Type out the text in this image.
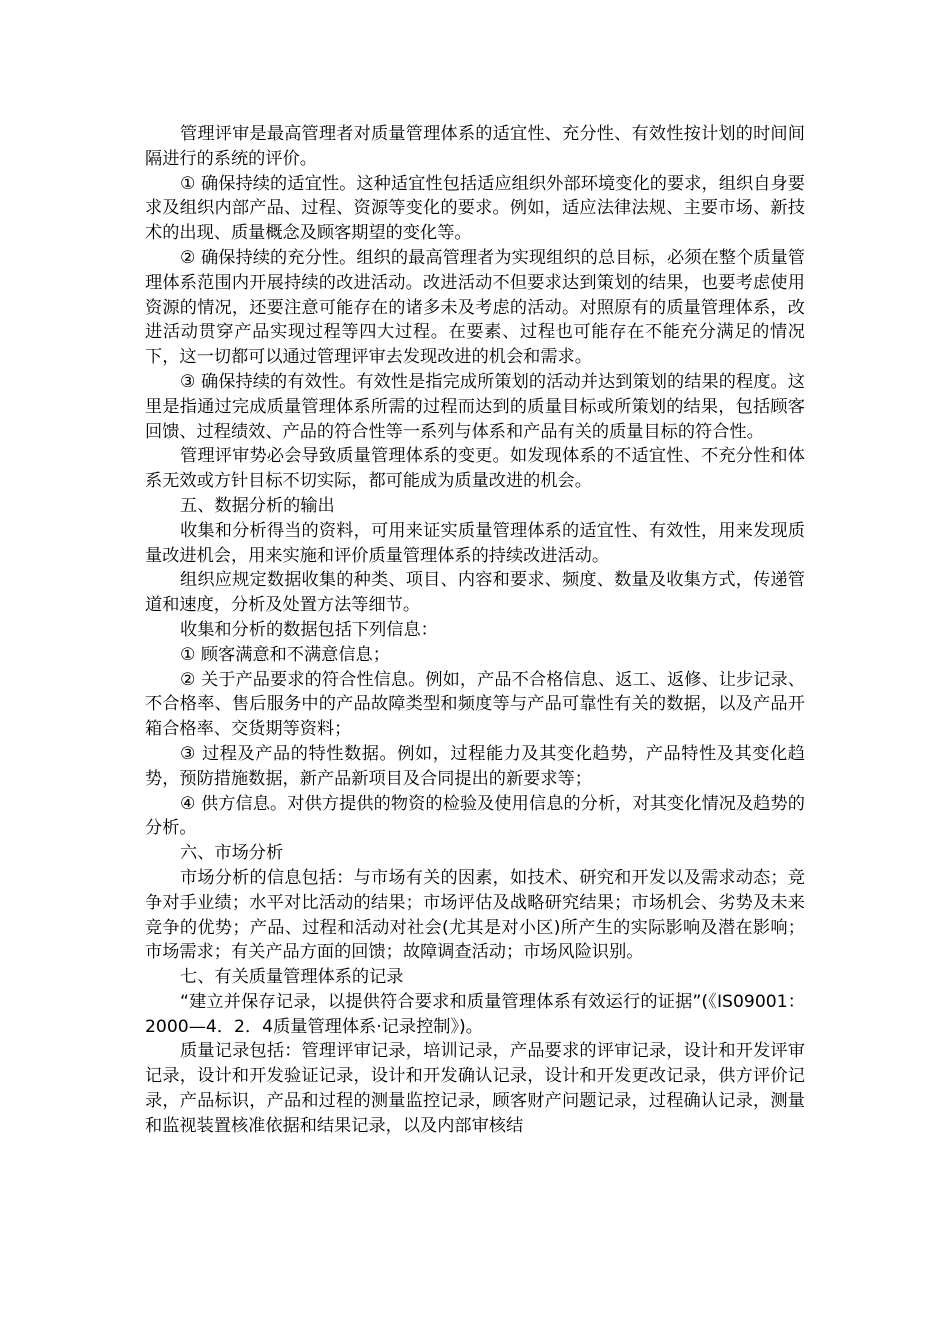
管理评审是最高管理者对质量管理体系的适宜性、充分性、有效性按计划的时间间隔进行的系统的评价。

① 确保持续的适宜性。这种适宜性包括适应组织外部环境变化的要求，组织自身要求及组织内部产品、过程、资源等变化的要求。例如，适应法律法规、主要市场、新技术的出现、质量概念及顾客期望的变化等。

② 确保持续的充分性。组织的最高管理者为实现组织的总目标，必须在整个质量管理体系范围内开展持续的改进活动。改进活动不但要求达到策划的结果，也要考虑使用资源的情况，还要注意可能存在的诸多未及考虑的活动。对照原有的质量管理体系，改进活动贯穿产品实现过程等四大过程。在要素、过程也可能存在不能充分满足的情况下，这一切都可以通过管理评审去发现改进的机会和需求。

③ 确保持续的有效性。有效性是指完成所策划的活动并达到策划的结果的程度。这里是指通过完成质量管理体系所需的过程而达到的质量目标或所策划的结果，包括顾客回馈、过程绩效、产品的符合性等一系列与体系和产品有关的质量目标的符合性。

管理评审势必会导致质量管理体系的变更。如发现体系的不适宜性、不充分性和体系无效或方针目标不切实际，都可能成为质量改进的机会。

五、数据分析的输出

收集和分析得当的资料，可用来证实质量管理体系的适宜性、有效性，用来发现质量改进机会，用来实施和评价质量管理体系的持续改进活动。

组织应规定数据收集的种类、项目、内容和要求、频度、数量及收集方式，传递管道和速度，分析及处置方法等细节。

收集和分析的数据包括下列信息：

① 顾客满意和不满意信息；

② 关于产品要求的符合性信息。例如，产品不合格信息、返工、返修、让步记录、不合格率、售后服务中的产品故障类型和频度等与产品可靠性有关的数据，以及产品开箱合格率、交货期等资料；

③ 过程及产品的特性数据。例如，过程能力及其变化趋势，产品特性及其变化趋势，预防措施数据，新产品新项目及合同提出的新要求等；

④ 供方信息。对供方提供的物资的检验及使用信息的分析，对其变化情况及趋势的分析。

六、市场分析

市场分析的信息包括：与市场有关的因素，如技术、研究和开发以及需求动态；竞争对手业绩；水平对比活动的结果；市场评估及战略研究结果；市场机会、劣势及未来竞争的优势；产品、过程和活动对社会(尤其是对小区)所产生的实际影响及潜在影响；市场需求；有关产品方面的回馈；故障调查活动；市场风险识别。

七、有关质量管理体系的记录

“建立并保存记录，以提供符合要求和质量管理体系有效运行的证据”(《IS09001：2000—4．2．4质量管理体系·记录控制》)。

质量记录包括：管理评审记录，培训记录，产品要求的评审记录，设计和开发评审记录，设计和开发验证记录，设计和开发确认记录，设计和开发更改记录，供方评价记录，产品标识，产品和过程的测量监控记录，顾客财产问题记录，过程确认记录，测量和监视装置核准依据和结果记录，以及内部审核结
